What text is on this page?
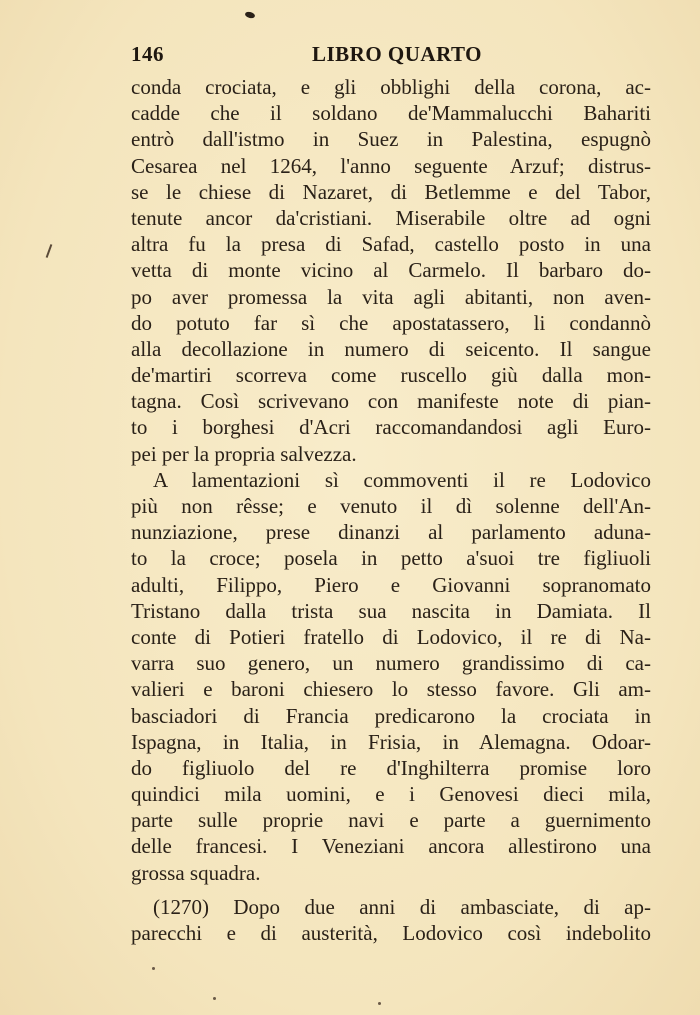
146	LIBRO QUARTO
conda crociata, e gli obblighi della corona, ac-
cadde che il soldano de'Mammalucchi Bahariti
entrò dall'istmo in Suez in Palestina, espugnò
Cesarea nel 1264, l'anno seguente Arzuf; distrus-
se le chiese di Nazaret, di Betlemme e del Tabor,
tenute ancor da'cristiani. Miserabile oltre ad ogni
altra fu la presa di Safad, castello posto in una
vetta di monte vicino al Carmelo. Il barbaro do-
po aver promessa la vita agli abitanti, non aven-
do potuto far sì che apostatassero, li condannò
alla decollazione in numero di seicento. Il sangue
de'martiri scorreva come ruscello giù dalla mon-
tagna. Così scrivevano con manifeste note di pian-
to i borghesi d'Acri raccomandandosi agli Euro-
pei per la propria salvezza.
A lamentazioni sì commoventi il re Lodovico
più non rêsse; e venuto il dì solenne dell'An-
nunziazione, prese dinanzi al parlamento aduna-
to la croce; posela in petto a'suoi tre figliuoli
adulti, Filippo, Piero e Giovanni sopranomato
Tristano dalla trista sua nascita in Damiata. Il
conte di Potieri fratello di Lodovico, il re di Na-
varra suo genero, un numero grandissimo di ca-
valieri e baroni chiesero lo stesso favore. Gli am-
basciadori di Francia predicarono la crociata in
Ispagna, in Italia, in Frisia, in Alemagna. Odoar-
do figliuolo del re d'Inghilterra promise loro
quindici mila uomini, e i Genovesi dieci mila,
parte sulle proprie navi e parte a guernimento
delle francesi. I Veneziani ancora allestirono una
grossa squadra.
(1270) Dopo due anni di ambasciate, di ap-
parecchi e di austerità, Lodovico così indebolito
